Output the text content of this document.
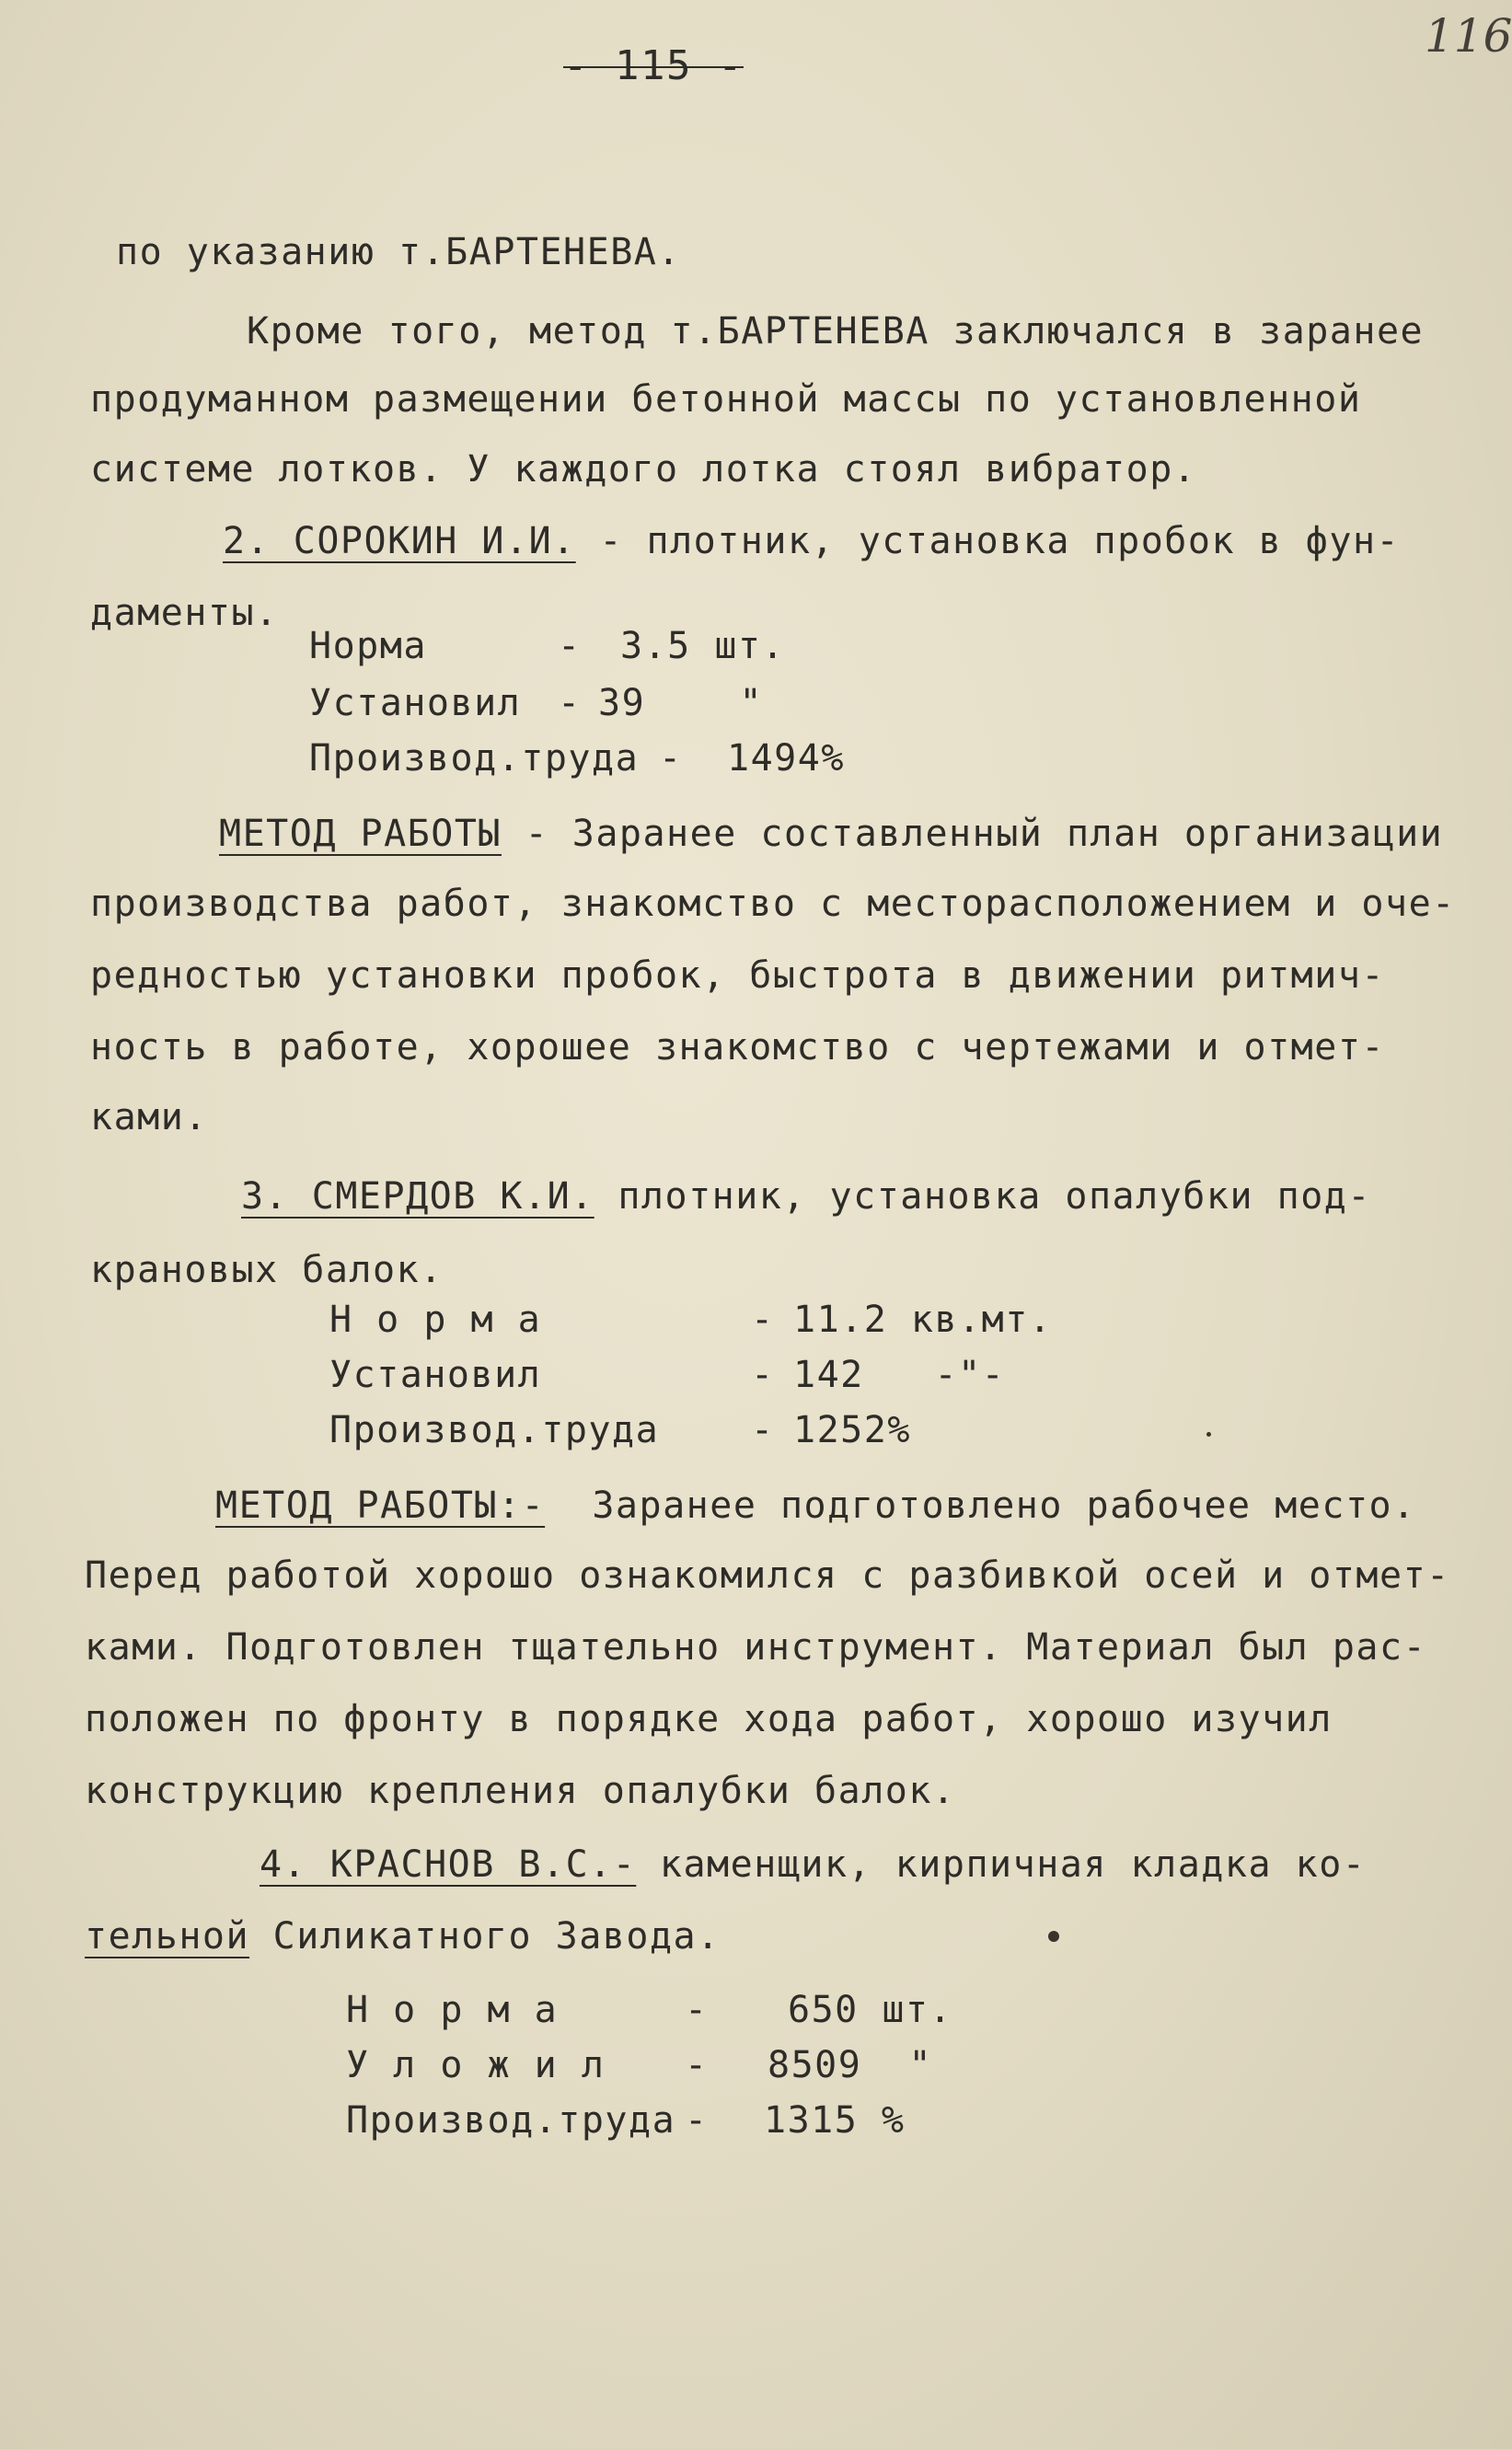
- 115 -
116
по указанию т.БАРТЕНЕВА.
Кроме того, метод т.БАРТЕНЕВА заключался в заранее
продуманном размещении бетонной массы по установленной
системе лотков. У каждого лотка стоял вибратор.
2. СОРОКИН И.И. - плотник, установка пробок в фун-
даменты.
Норма	- 3.5 шт.
Установил - 39    "
Производ.труда - 1494%
МЕТОД РАБОТЫ - Заранее составленный план организации
производства работ, знакомство с месторасположением и оче-
редностью установки пробок, быстрота в движении ритмич-
ность в работе, хорошее знакомство с чертежами и отмет-
ками.
3. СМЕРДОВ К.И. плотник, установка опалубки под-
крановых балок.
Н о р м а	- 11.2 кв.мт.
Установил	- 142   -"-
Производ.труда - 1252%
МЕТОД РАБОТЫ:-  Заранее подготовлено рабочее место.
Перед работой хорошо ознакомился с разбивкой осей и отмет-
ками. Подготовлен тщательно инструмент. Материал был рас-
положен по фронту в порядке хода работ, хорошо изучил
конструкцию крепления опалубки балок.
4. КРАСНОВ В.С.- каменщик, кирпичная кладка ко-
тельной Силикатного Завода.
Н о р м а	- 650 шт.
У л о ж и л - 8509  "
Производ.труда - 1315 %
